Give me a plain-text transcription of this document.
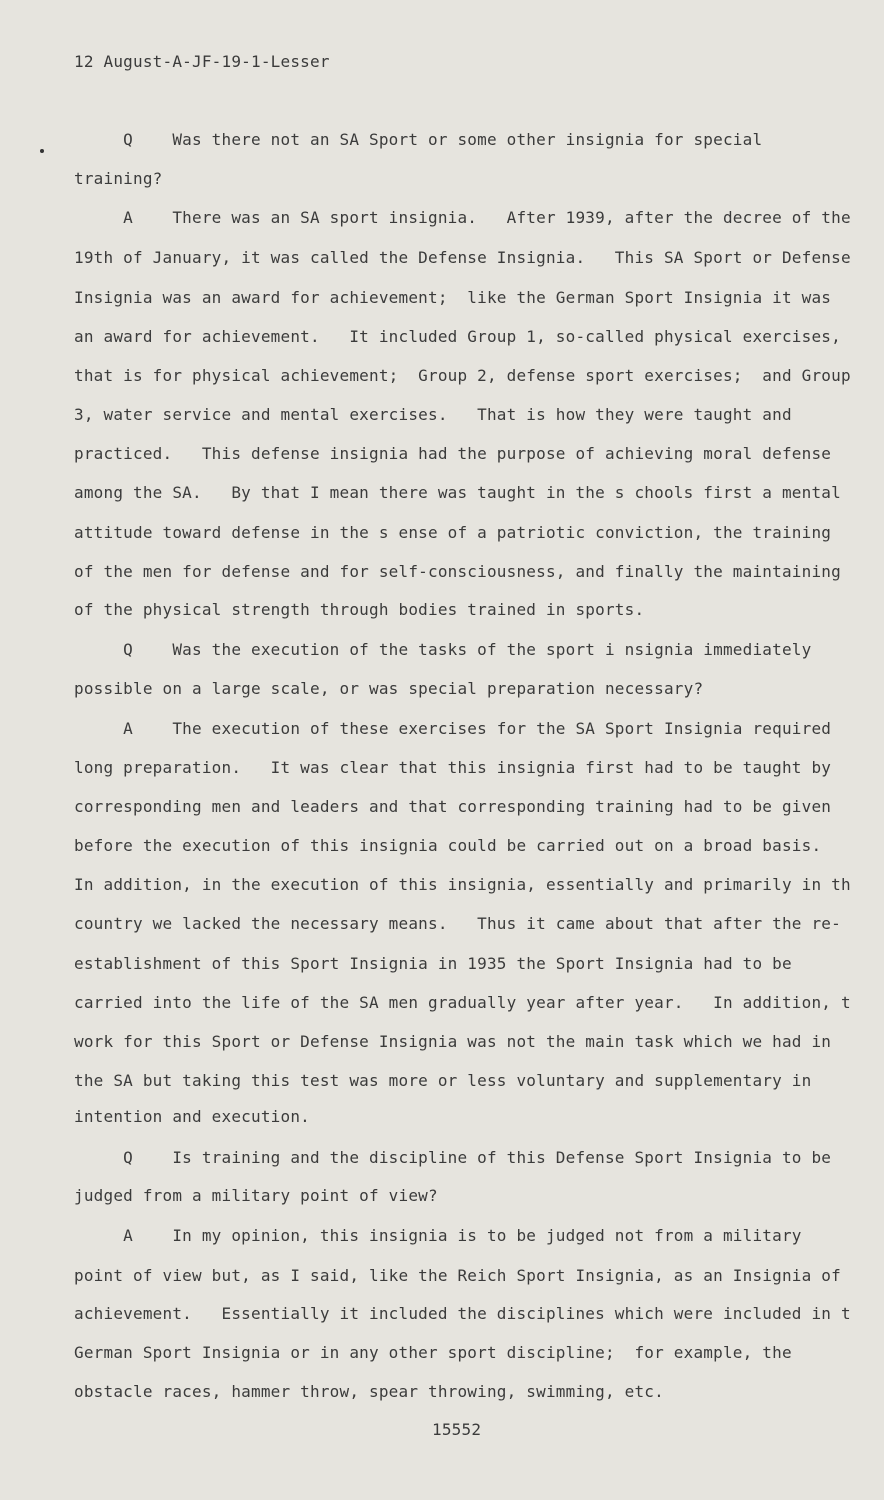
12 August-A-JF-19-1-Lesser
Q    Was there not an SA Sport or some other insignia for special
training?
A    There was an SA sport insignia.   After 1939, after the decree of the
19th of January, it was called the Defense Insignia.   This SA Sport or Defense
Insignia was an award for achievement;  like the German Sport Insignia it was
an award for achievement.   It included Group 1, so-called physical exercises,
that is for physical achievement;  Group 2, defense sport exercises;  and Group
3, water service and mental exercises.   That is how they were taught and
practiced.   This defense insignia had the purpose of achieving moral defense
among the SA.   By that I mean there was taught in the s chools first a mental
attitude toward defense in the s ense of a patriotic conviction, the training
of the men for defense and for self-consciousness, and finally the maintaining
of the physical strength through bodies trained in sports.
Q    Was the execution of the tasks of the sport i nsignia immediately
possible on a large scale, or was special preparation necessary?
A    The execution of these exercises for the SA Sport Insignia required
long preparation.   It was clear that this insignia first had to be taught by
corresponding men and leaders and that corresponding training had to be given
before the execution of this insignia could be carried out on a broad basis.
In addition, in the execution of this insignia, essentially and primarily in th
country we lacked the necessary means.   Thus it came about that after the re-
establishment of this Sport Insignia in 1935 the Sport Insignia had to be
carried into the life of the SA men gradually year after year.   In addition, t
work for this Sport or Defense Insignia was not the main task which we had in
the SA but taking this test was more or less voluntary and supplementary in
intention and execution.
Q    Is training and the discipline of this Defense Sport Insignia to be
judged from a military point of view?
A    In my opinion, this insignia is to be judged not from a military
point of view but, as I said, like the Reich Sport Insignia, as an Insignia of
achievement.   Essentially it included the disciplines which were included in t
German Sport Insignia or in any other sport discipline;  for example, the
obstacle races, hammer throw, spear throwing, swimming, etc.
15552
